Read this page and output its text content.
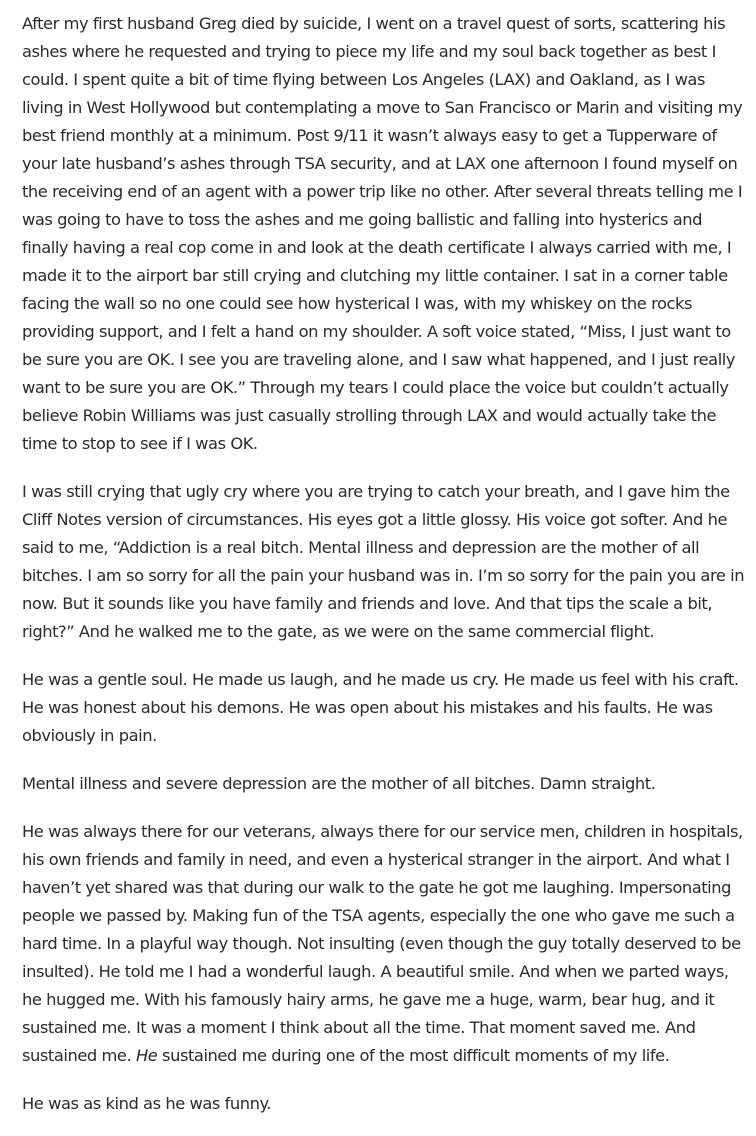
After my first husband Greg died by suicide, I went on a travel quest of sorts, scattering his ashes where he requested and trying to piece my life and my soul back together as best I could. I spent quite a bit of time flying between Los Angeles (LAX) and Oakland, as I was living in West Hollywood but contemplating a move to San Francisco or Marin and visiting my best friend monthly at a minimum. Post 9/11 it wasn’t always easy to get a Tupperware of your late husband’s ashes through TSA security, and at LAX one afternoon I found myself on the receiving end of an agent with a power trip like no other. After several threats telling me I was going to have to toss the ashes and me going ballistic and falling into hysterics and finally having a real cop come in and look at the death certificate I always carried with me, I made it to the airport bar still crying and clutching my little container. I sat in a corner table facing the wall so no one could see how hysterical I was, with my whiskey on the rocks providing support, and I felt a hand on my shoulder. A soft voice stated, “Miss, I just want to be sure you are OK. I see you are traveling alone, and I saw what happened, and I just really want to be sure you are OK.” Through my tears I could place the voice but couldn’t actually believe Robin Williams was just casually strolling through LAX and would actually take the time to stop to see if I was OK.

I was still crying that ugly cry where you are trying to catch your breath, and I gave him the Cliff Notes version of circumstances. His eyes got a little glossy. His voice got softer. And he said to me, “Addiction is a real bitch. Mental illness and depression are the mother of all bitches. I am so sorry for all the pain your husband was in. I’m so sorry for the pain you are in now. But it sounds like you have family and friends and love. And that tips the scale a bit, right?” And he walked me to the gate, as we were on the same commercial flight.

He was a gentle soul. He made us laugh, and he made us cry. He made us feel with his craft. He was honest about his demons. He was open about his mistakes and his faults. He was obviously in pain.

Mental illness and severe depression are the mother of all bitches. Damn straight.

He was always there for our veterans, always there for our service men, children in hospitals, his own friends and family in need, and even a hysterical stranger in the airport. And what I haven’t yet shared was that during our walk to the gate he got me laughing. Impersonating people we passed by. Making fun of the TSA agents, especially the one who gave me such a hard time. In a playful way though. Not insulting (even though the guy totally deserved to be insulted). He told me I had a wonderful laugh. A beautiful smile. And when we parted ways, he hugged me. With his famously hairy arms, he gave me a huge, warm, bear hug, and it sustained me. It was a moment I think about all the time. That moment saved me. And sustained me. He sustained me during one of the most difficult moments of my life.

He was as kind as he was funny.
